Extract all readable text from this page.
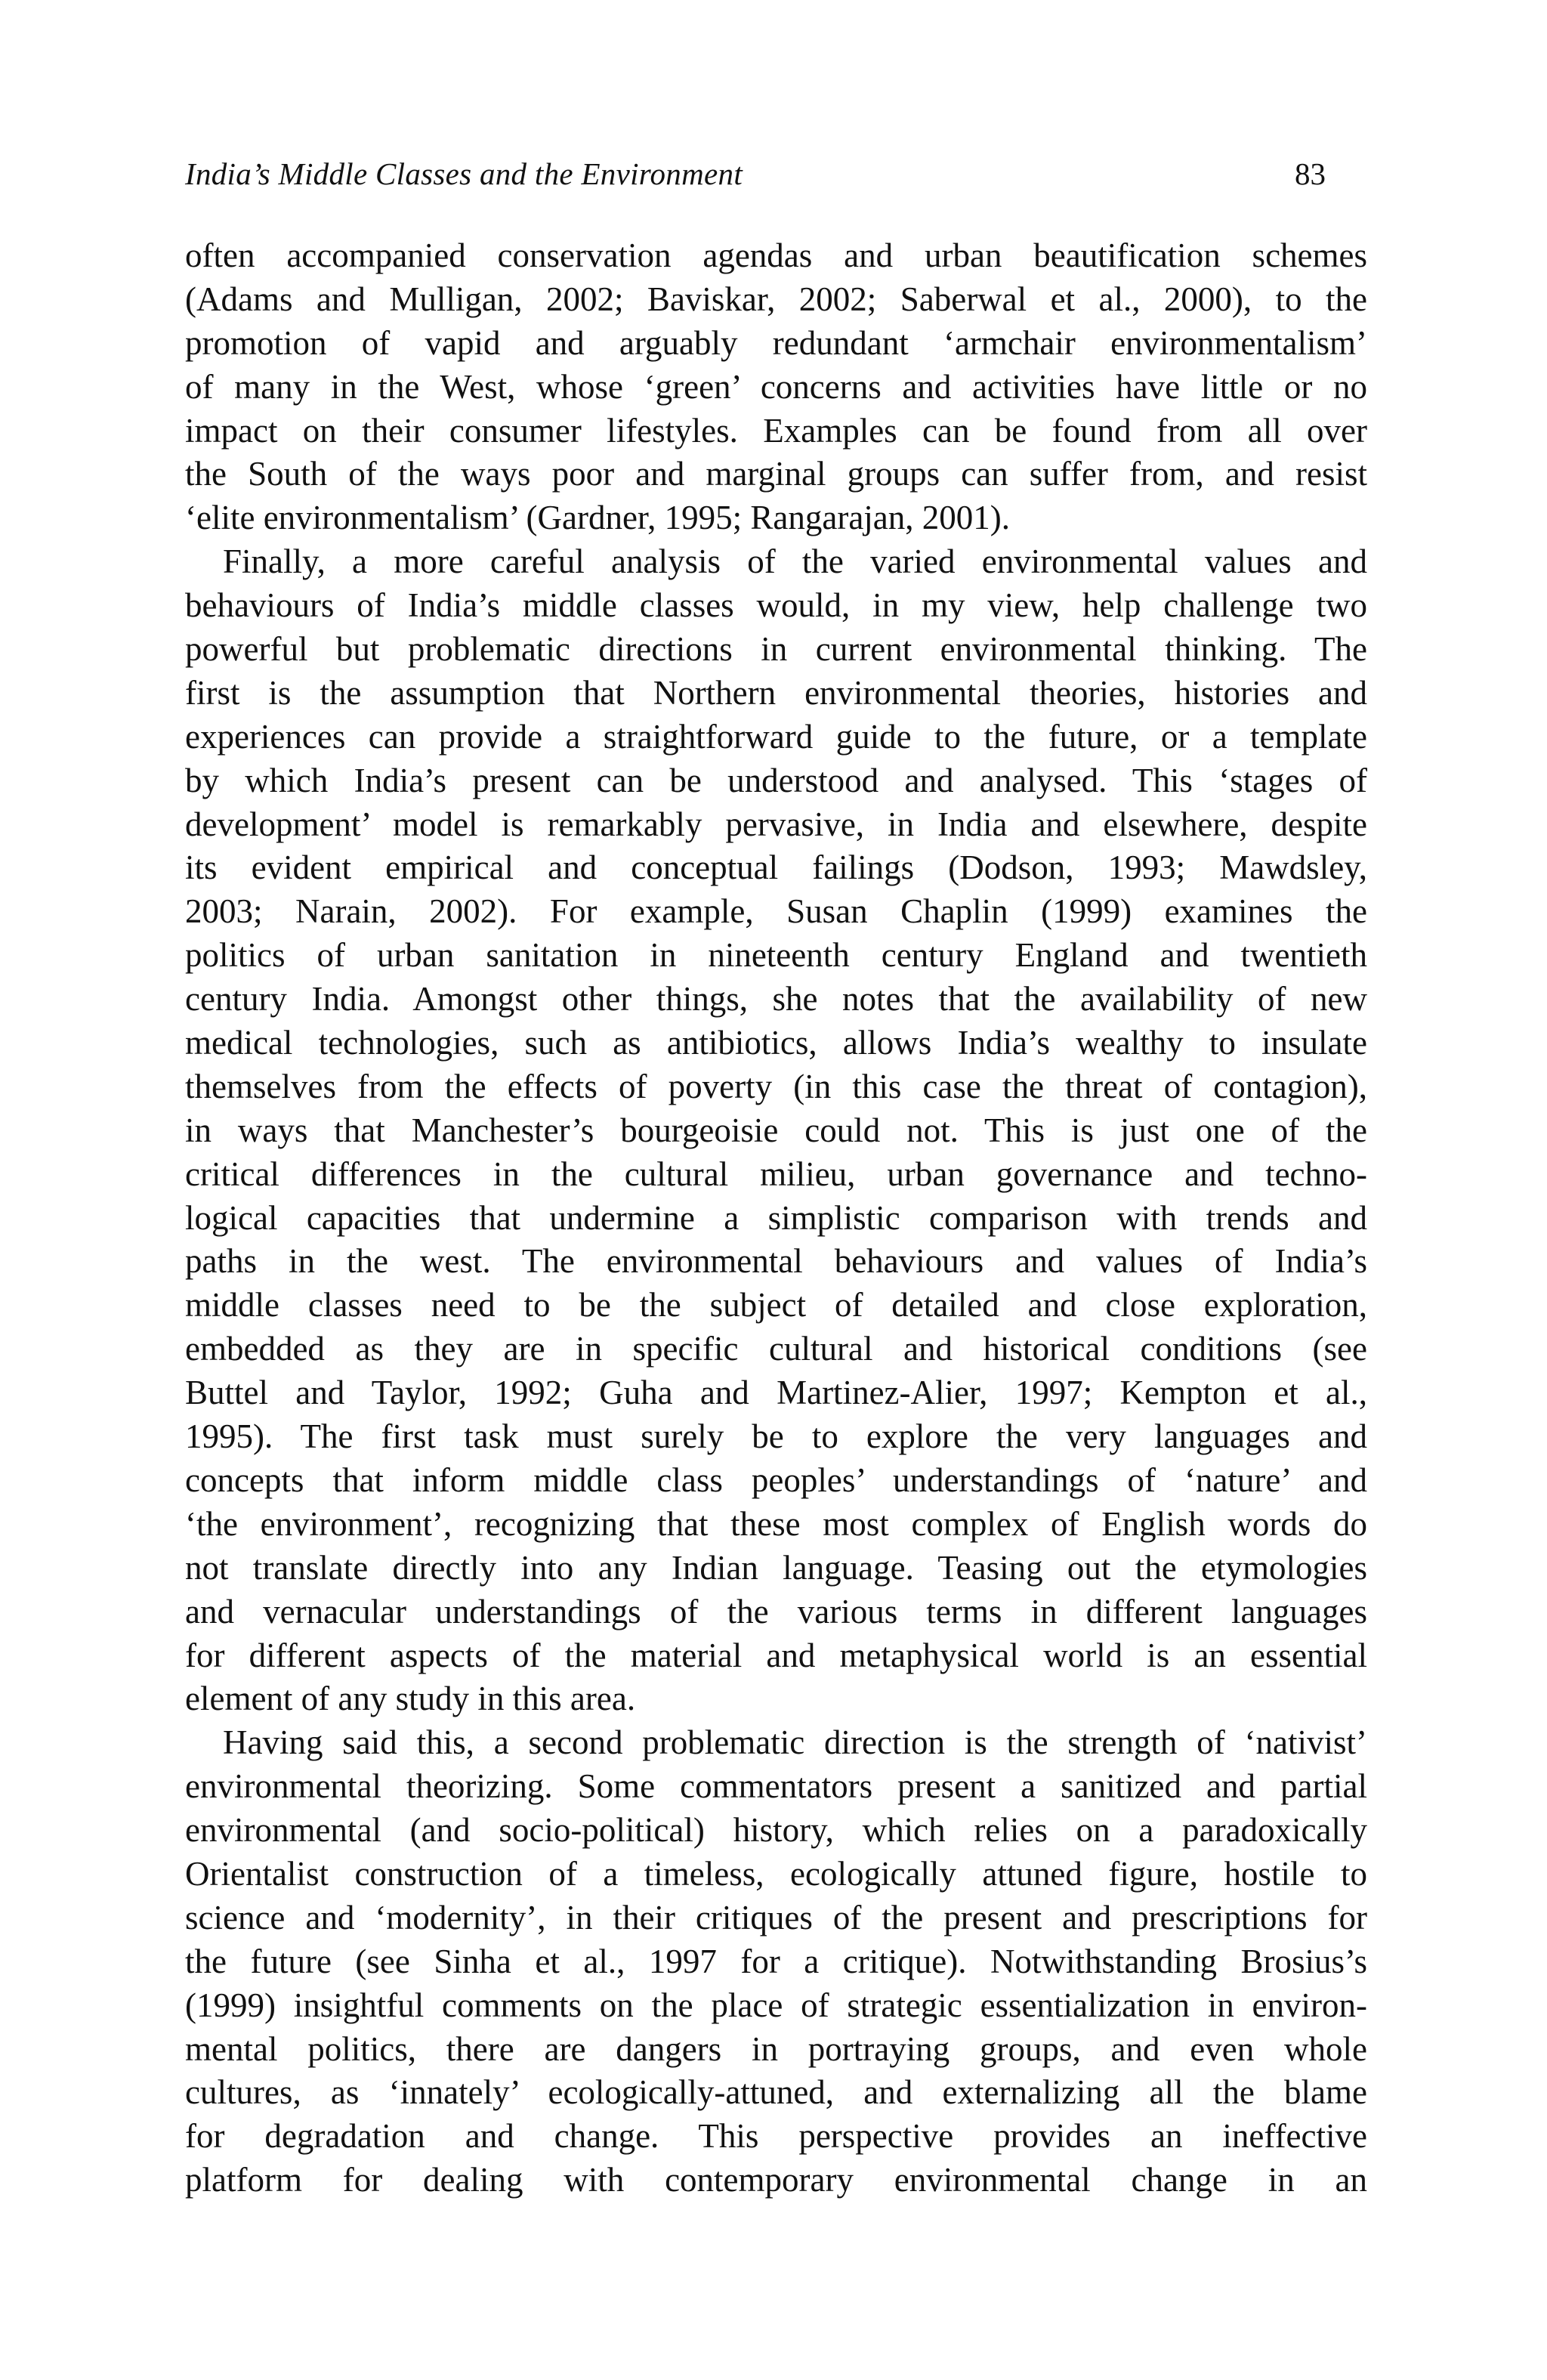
India’s Middle Classes and the Environment	83
often accompanied conservation agendas and urban beautification schemes
(Adams and Mulligan, 2002; Baviskar, 2002; Saberwal et al., 2000), to the
promotion of vapid and arguably redundant ‘armchair environmentalism’
of many in the West, whose ‘green’ concerns and activities have little or no
impact on their consumer lifestyles. Examples can be found from all over
the South of the ways poor and marginal groups can suffer from, and resist
‘elite environmentalism’ (Gardner, 1995; Rangarajan, 2001).
Finally, a more careful analysis of the varied environmental values and
behaviours of India’s middle classes would, in my view, help challenge two
powerful but problematic directions in current environmental thinking. The
first is the assumption that Northern environmental theories, histories and
experiences can provide a straightforward guide to the future, or a template
by which India’s present can be understood and analysed. This ‘stages of
development’ model is remarkably pervasive, in India and elsewhere, despite
its evident empirical and conceptual failings (Dodson, 1993; Mawdsley,
2003; Narain, 2002). For example, Susan Chaplin (1999) examines the
politics of urban sanitation in nineteenth century England and twentieth
century India. Amongst other things, she notes that the availability of new
medical technologies, such as antibiotics, allows India’s wealthy to insulate
themselves from the effects of poverty (in this case the threat of contagion),
in ways that Manchester’s bourgeoisie could not. This is just one of the
critical differences in the cultural milieu, urban governance and techno-
logical capacities that undermine a simplistic comparison with trends and
paths in the west. The environmental behaviours and values of India’s
middle classes need to be the subject of detailed and close exploration,
embedded as they are in specific cultural and historical conditions (see
Buttel and Taylor, 1992; Guha and Martinez-Alier, 1997; Kempton et al.,
1995). The first task must surely be to explore the very languages and
concepts that inform middle class peoples’ understandings of ‘nature’ and
‘the environment’, recognizing that these most complex of English words do
not translate directly into any Indian language. Teasing out the etymologies
and vernacular understandings of the various terms in different languages
for different aspects of the material and metaphysical world is an essential
element of any study in this area.
Having said this, a second problematic direction is the strength of ‘nativist’
environmental theorizing. Some commentators present a sanitized and partial
environmental (and socio-political) history, which relies on a paradoxically
Orientalist construction of a timeless, ecologically attuned figure, hostile to
science and ‘modernity’, in their critiques of the present and prescriptions for
the future (see Sinha et al., 1997 for a critique). Notwithstanding Brosius’s
(1999) insightful comments on the place of strategic essentialization in environ-
mental politics, there are dangers in portraying groups, and even whole
cultures, as ‘innately’ ecologically-attuned, and externalizing all the blame
for degradation and change. This perspective provides an ineffective
platform for dealing with contemporary environmental change in an
